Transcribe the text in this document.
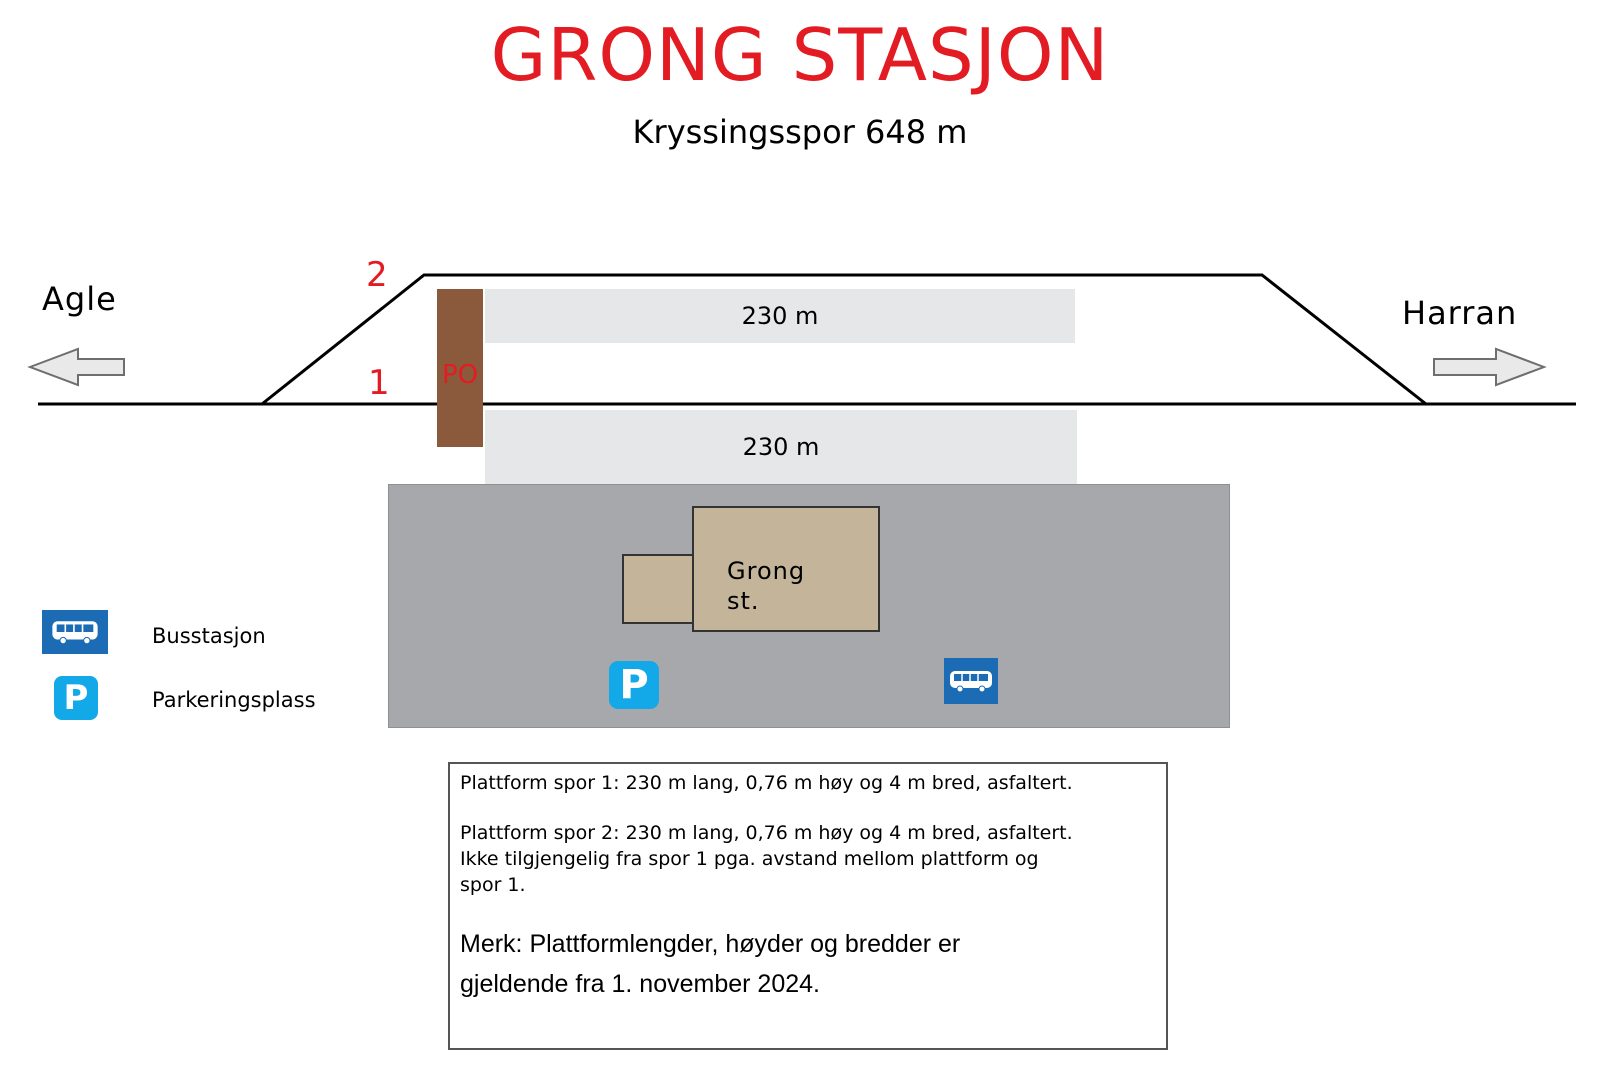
GRONG STASJON
Kryssingsspor 648 m
Agle	Harran
2
1
230 m
230 m
PO
Grong
st.
P
Busstasjon
P	Parkeringsplass

Plattform spor 1: 230 m lang, 0,76 m høy og 4 m bred, asfaltert.

Plattform spor 2: 230 m lang, 0,76 m høy og 4 m bred, asfaltert.

Ikke tilgjengelig fra spor 1 pga. avstand mellom plattform og

spor 1.

Merk: Plattformlengder, høyder og bredder er

gjeldende fra 1. november 2024.
